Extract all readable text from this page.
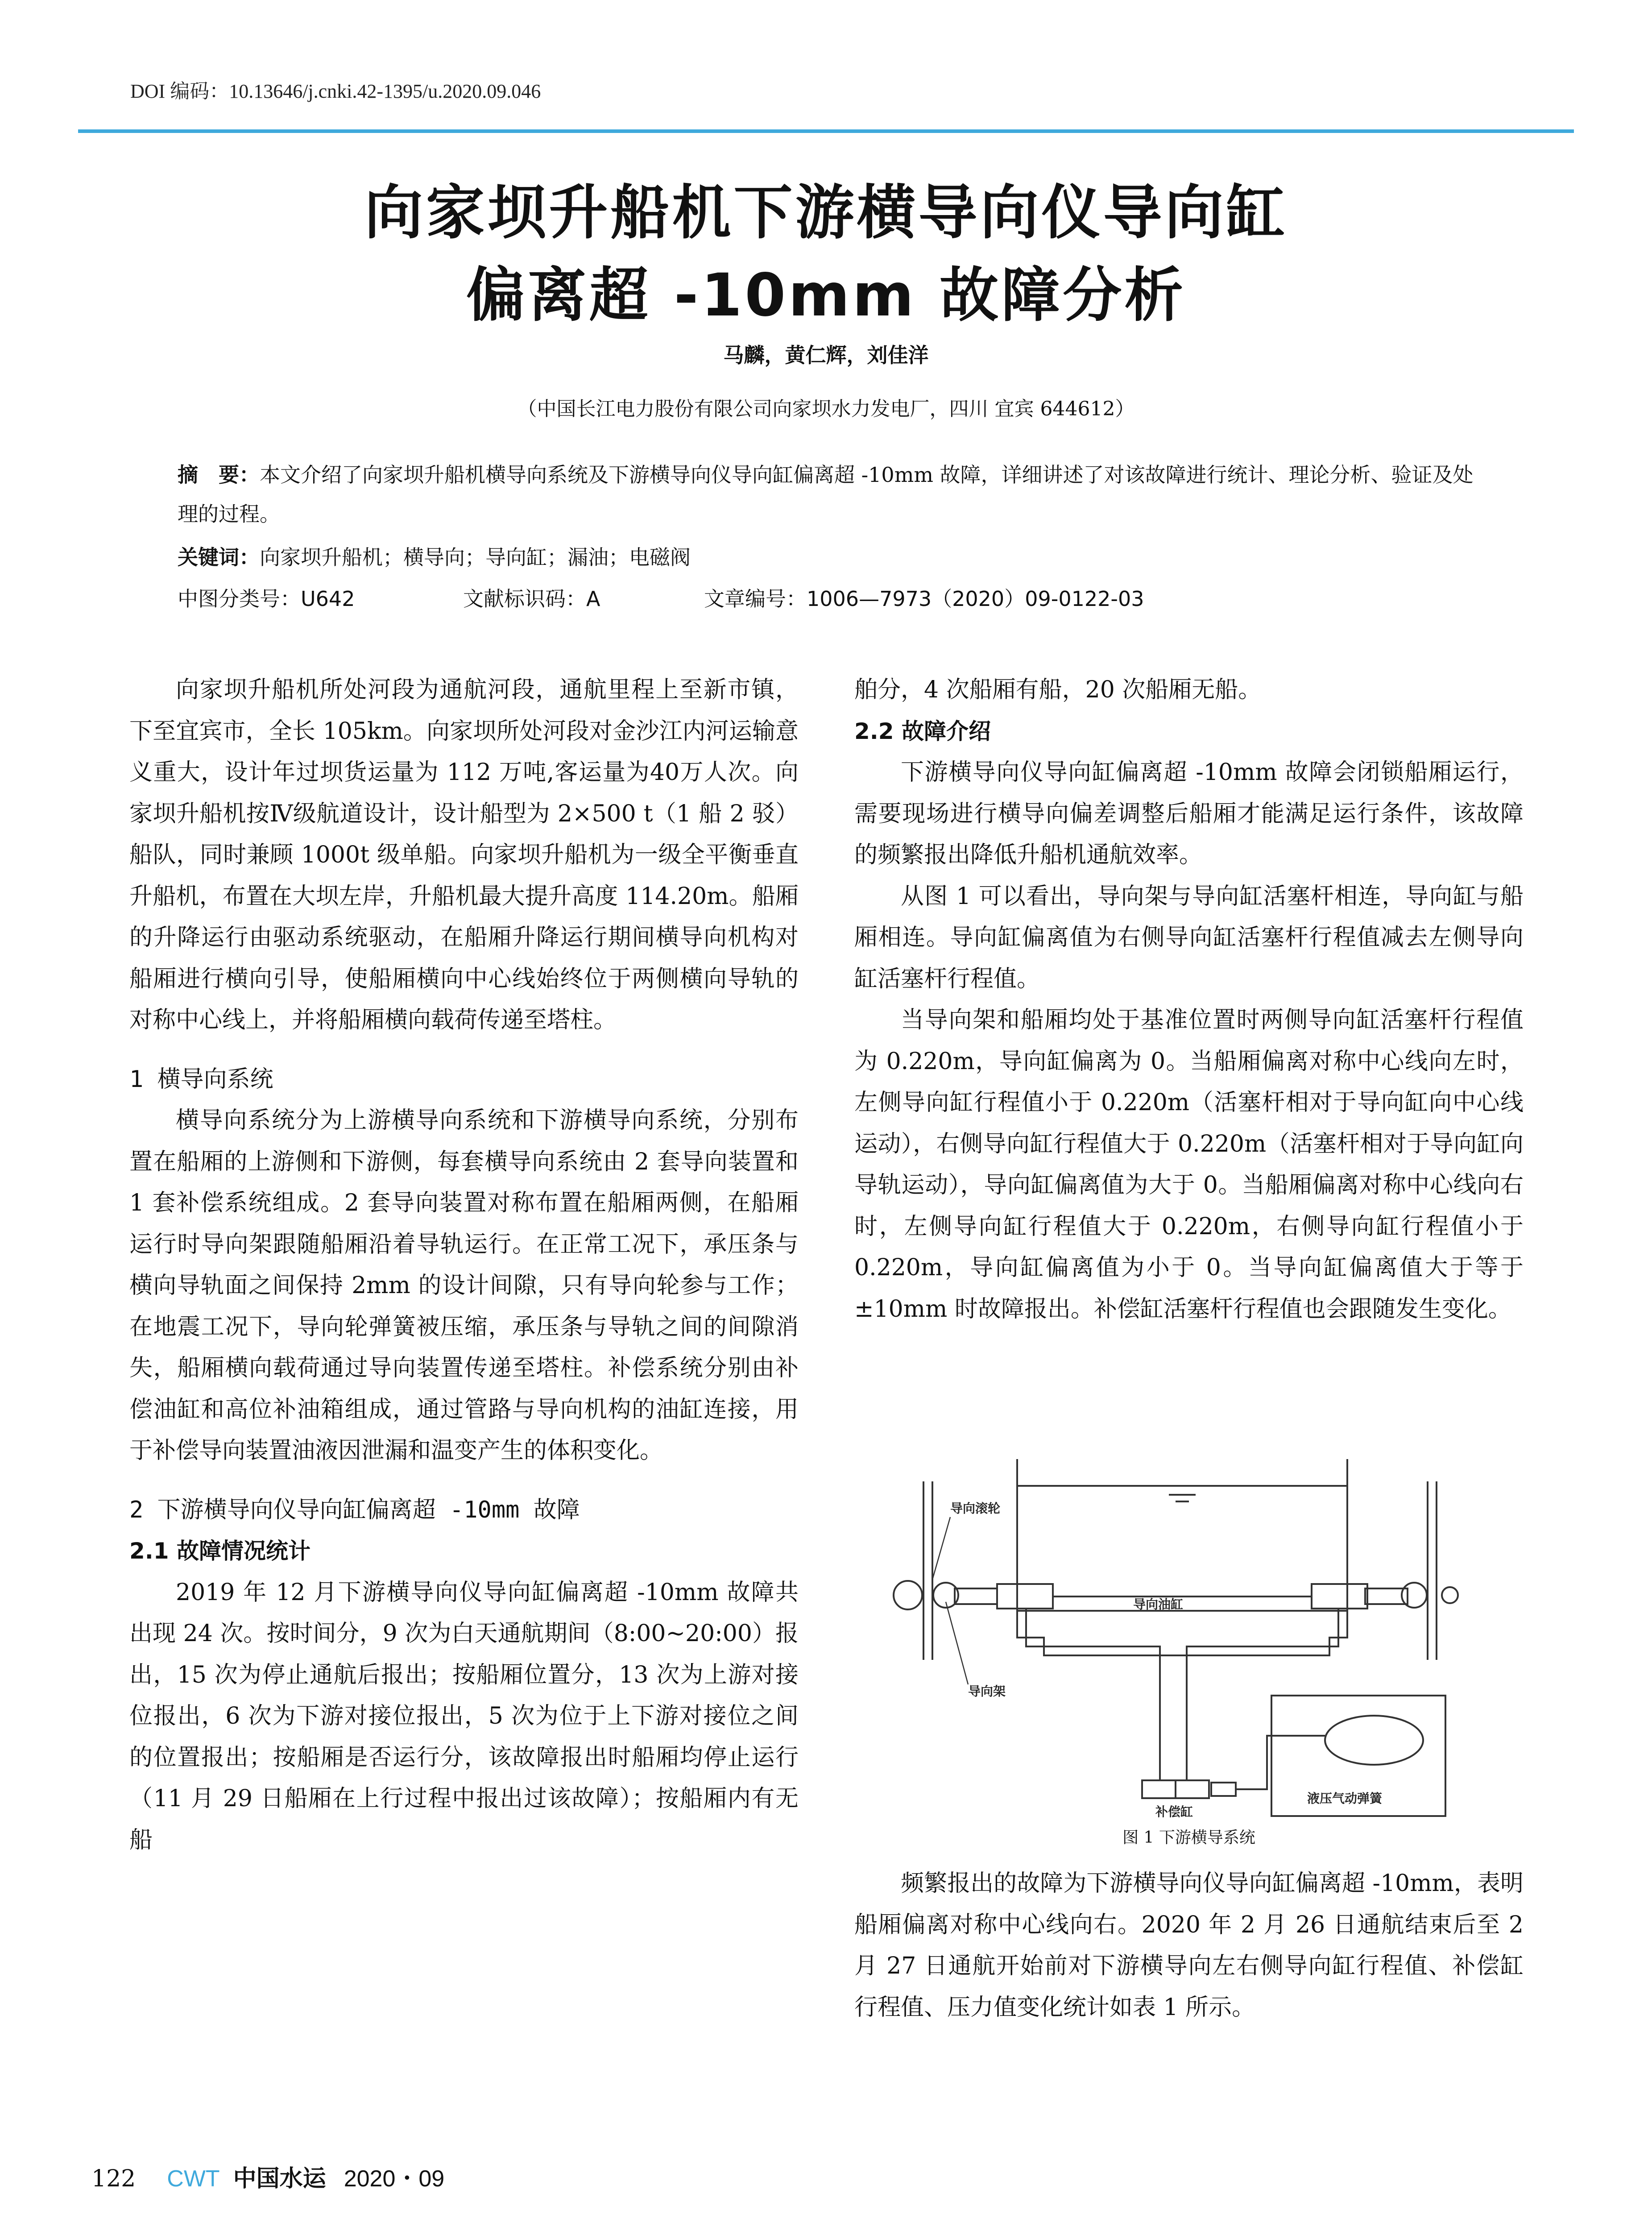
DOI 编码：10.13646/j.cnki.42-1395/u.2020.09.046
向家坝升船机下游横导向仪导向缸
偏离超 -10mm 故障分析
马麟，黄仁辉，刘佳洋
（中国长江电力股份有限公司向家坝水力发电厂，四川 宜宾 644612）
摘　要：本文介绍了向家坝升船机横导向系统及下游横导向仪导向缸偏离超 -10mm 故障，详细讲述了对该故障进行统计、理论分析、验证及处理的过程。
关键词：向家坝升船机；横导向；导向缸；漏油；电磁阀
中图分类号：U642	文献标识码：A	文章编号：1006—7973（2020）09-0122-03

向家坝升船机所处河段为通航河段，通航里程上至新市镇，下至宜宾市，全长 105km。向家坝所处河段对金沙江内河运输意义重大，设计年过坝货运量为 112 万吨,客运量为40万人次。向家坝升船机按Ⅳ级航道设计，设计船型为 2×500 t（1 船 2 驳）船队，同时兼顾 1000t 级单船。向家坝升船机为一级全平衡垂直升船机，布置在大坝左岸，升船机最大提升高度 114.20m。船厢的升降运行由驱动系统驱动，在船厢升降运行期间横导向机构对船厢进行横向引导，使船厢横向中心线始终位于两侧横向导轨的对称中心线上，并将船厢横向载荷传递至塔柱。

1 横导向系统

横导向系统分为上游横导向系统和下游横导向系统，分别布置在船厢的上游侧和下游侧，每套横导向系统由 2 套导向装置和 1 套补偿系统组成。2 套导向装置对称布置在船厢两侧，在船厢运行时导向架跟随船厢沿着导轨运行。在正常工况下，承压条与横向导轨面之间保持 2mm 的设计间隙，只有导向轮参与工作；在地震工况下，导向轮弹簧被压缩，承压条与导轨之间的间隙消失，船厢横向载荷通过导向装置传递至塔柱。补偿系统分别由补偿油缸和高位补油箱组成，通过管路与导向机构的油缸连接，用于补偿导向装置油液因泄漏和温变产生的体积变化。

2 下游横导向仪导向缸偏离超 -10mm 故障
2.1 故障情况统计

2019 年 12 月下游横导向仪导向缸偏离超 -10mm 故障共出现 24 次。按时间分，9 次为白天通航期间（8:00~20:00）报出，15 次为停止通航后报出；按船厢位置分，13 次为上游对接位报出，6 次为下游对接位报出，5 次为位于上下游对接位之间的位置报出；按船厢是否运行分，该故障报出时船厢均停止运行（11 月 29 日船厢在上行过程中报出过该故障）；按船厢内有无船

舶分，4 次船厢有船，20 次船厢无船。

2.2 故障介绍

下游横导向仪导向缸偏离超 -10mm 故障会闭锁船厢运行，需要现场进行横导向偏差调整后船厢才能满足运行条件，该故障的频繁报出降低升船机通航效率。

从图 1 可以看出，导向架与导向缸活塞杆相连，导向缸与船厢相连。导向缸偏离值为右侧导向缸活塞杆行程值减去左侧导向缸活塞杆行程值。

当导向架和船厢均处于基准位置时两侧导向缸活塞杆行程值为 0.220m，导向缸偏离为 0。当船厢偏离对称中心线向左时，左侧导向缸行程值小于 0.220m（活塞杆相对于导向缸向中心线运动），右侧导向缸行程值大于 0.220m（活塞杆相对于导向缸向导轨运动），导向缸偏离值为大于 0。当船厢偏离对称中心线向右时，左侧导向缸行程值大于 0.220m，右侧导向缸行程值小于 0.220m，导向缸偏离值为小于 0。当导向缸偏离值大于等于 ±10mm 时故障报出。补偿缸活塞杆行程值也会跟随发生变化。

导向滚轮
导向油缸
导向架
补偿缸
液压气动弹簧
图 1 下游横导系统

频繁报出的故障为下游横导向仪导向缸偏离超 -10mm，表明船厢偏离对称中心线向右。2020 年 2 月 26 日通航结束后至 2 月 27 日通航开始前对下游横导向左右侧导向缸行程值、补偿缸行程值、压力值变化统计如表 1 所示。

122 CWT 中国水运 2020・09
